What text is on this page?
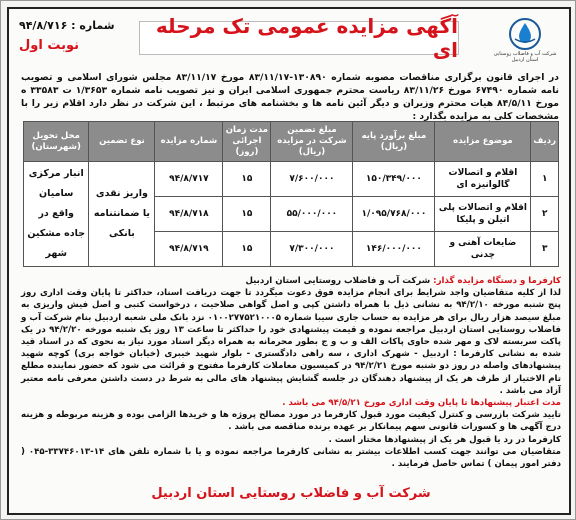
شماره : ۹۴/۸/۷۱۶
نوبت اول
آگهی مزایده عمومی تک مرحله ای	شرکت آب و فاضلاب روستایی استان اردبیل
در اجرای قانون برگزاری مناقصات مصوبه شماره ۱۳۰۸۹۰-۸۳/۱۱/۱۷ مورخ ۸۳/۱۱/۱۷ مجلس شورای اسلامی و تصویب نامه شماره ۶۷۴۹۰ مورخ ۸۳/۱۱/۲۶ ریاست محترم جمهوری اسلامی ایران و نیز تصویب نامه شماره ۱/۳۶۵۳ ت ۳۳۵۸۳ ه مورخ ۸۴/۵/۱۱ هیات محترم وزیران و دیگر آئین نامه ها و بخشنامه های مرتبط ، این شرکت در نظر دارد اقلام زیر را با مشخصات کلی به مزایده بگذارد :
ردیف	موضوع مزایده	مبلغ برآورد پایه (ریال)	مبلغ تضمین شرکت در مزایده (ریال)	مدت زمان اجرائی (روز)	شماره مزایده	نوع تضمین	محل تحویل (شهرستان)
۱	اقلام و اتصالات گالوانیزه ای	۱۵۰/۳۴۹/۰۰۰	۷/۶۰۰/۰۰۰	۱۵	۹۴/۸/۷۱۷	واریز نقدی یا ضمانتنامه بانکی	انبار مرکزی سامیان واقع در جاده مشکین شهر
۲	اقلام و اتصالات پلی اتیلن و پلیکا	۱/۰۹۵/۷۶۸/۰۰۰	۵۵/۰۰۰/۰۰۰	۱۵	۹۴/۸/۷۱۸		
۳	ضایعات آهنی و چدنی	۱۴۶/۰۰۰/۰۰۰	۷/۳۰۰/۰۰۰	۱۵	۹۴/۸/۷۱۹		

کارفرما و دستگاه مزایده گذار: شرکت آب و فاضلاب روستایی استان اردبیل

لذا از کلیه متقاضیان واجد شرایط برای انجام مزایده فوق دعوت میگردد تا جهت دریافت اسناد، حداکثر تا پایان وقت اداری روز پنج شنبه مورخه ۹۴/۲/۱۰ به نشانی ذیل با همراه داشتن کپی و اصل گواهی صلاحیت ، درخواست کتبی و اصل فیش واریزی به مبلغ سیصد هزار ریال برای هر مزایده به حساب جاری سیبا شماره ۰۱۰۰۲۷۷۵۲۱۰۰۰۵ نزد بانک ملی شعبه اردبیل بنام شرکت آب و فاضلاب روستایی استان اردبیل مراجعه نموده و قیمت پیشنهادی خود را حداکثر تا ساعت ۱۳ روز یک شنبه مورخه ۹۴/۲/۲۰ در یک پاکت سربسته لاک و مهر شده حاوی پاکات الف و ب و ج بطور محرمانه به همراه دیگر اسناد مورد نیاز به نحوی که در اسناد قید شده به نشانی کارفرما : اردبیل - شهرک اداری ، سه راهی دادگستری - بلوار شهید خیبری (خیابان خواجه بری) کوچه شهید پیشنهادهای واصله در روز دو شنبه مورخ ۹۴/۲/۲۱ در کمیسیون معاملات کارفرما مفتوح و قرائت می شود که حضور نماینده مطلع تام الاختیار از طرف هر یک از پیشنهاد دهندگان در جلسه گشایش پیشنهاد های مالی به شرط در دست داشتن معرفی نامه معتبر آزاد می باشد .

مدت اعتبار پیشنهادها تا پایان وقت اداری مورخ ۹۴/۵/۲۱ می باشد .

تایید شرکت بازرسی و کنترل کیفیت مورد قبول کارفرما در مورد مصالح پروژه ها و خریدها الزامی بوده و هزینه مربوطه و هزینه درج آگهی ها و کسورات قانونی سهم پیمانکار بر عهده برنده مناقصه می باشد .

کارفرما در رد یا قبول هر یک از پیشنهادها مختار است .

متقاضیان می توانند جهت کسب اطلاعات بیشتر به نشانی کارفرما مراجعه نموده و یا با شماره تلفن های ۱۴-۳۳۷۴۶۰۱۳-۰۴۵ ( دفتر امور پیمان ) تماس حاصل فرمایند .

شرکت آب و فاضلاب روستایی استان اردبیل
